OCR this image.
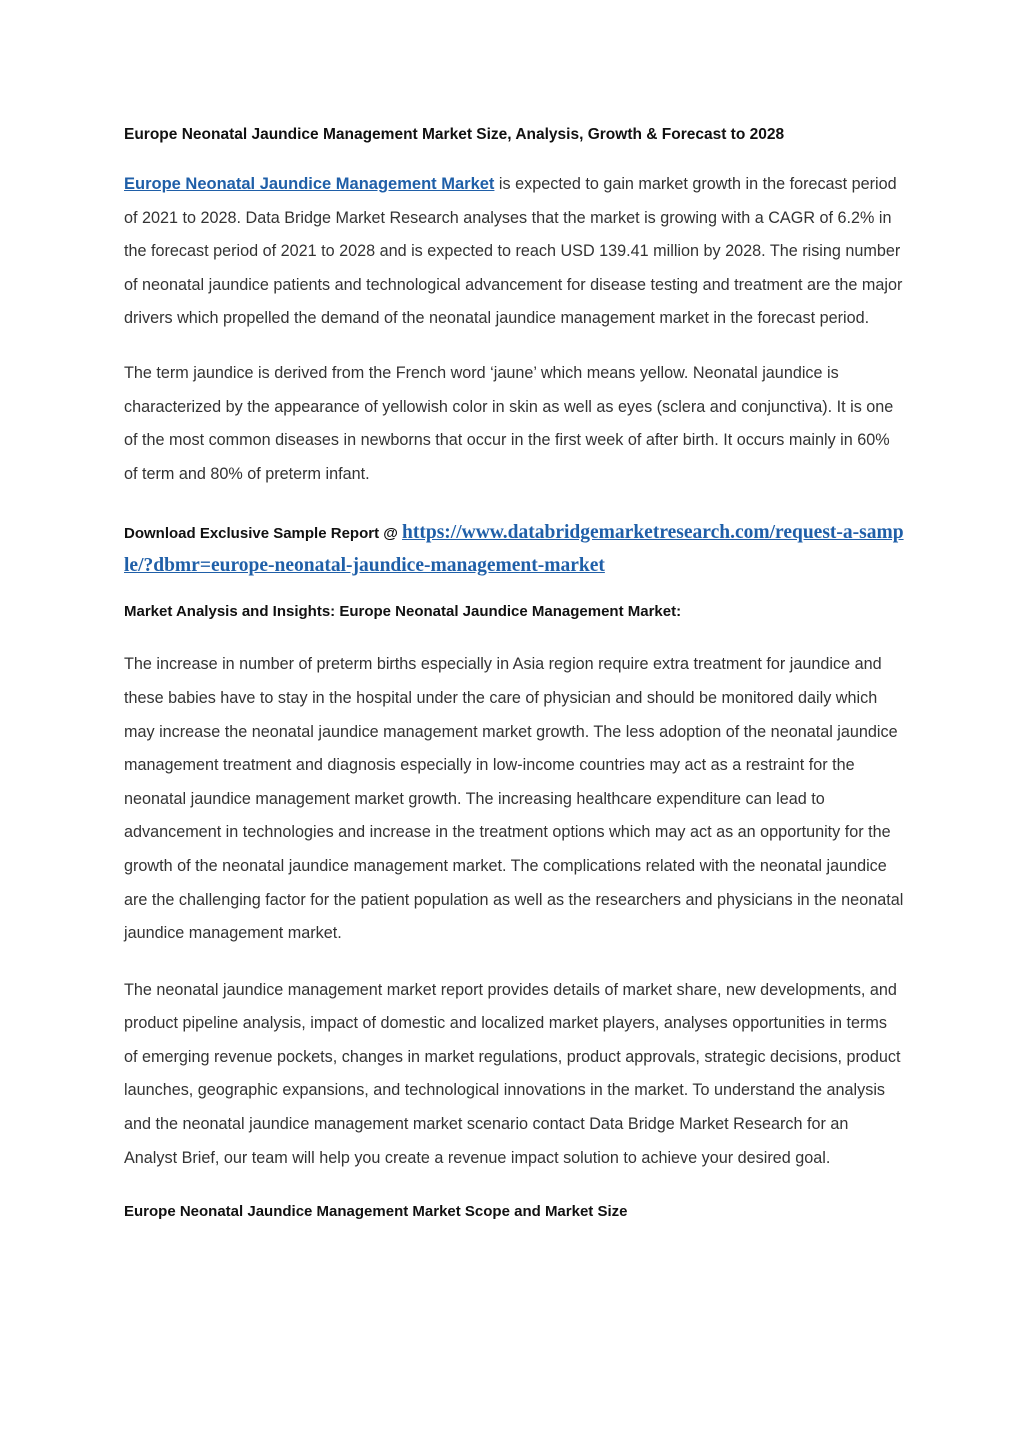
Europe Neonatal Jaundice Management Market Size, Analysis, Growth & Forecast to 2028

Europe Neonatal Jaundice Management Market is expected to gain market growth in the forecast period of 2021 to 2028. Data Bridge Market Research analyses that the market is growing with a CAGR of 6.2% in the forecast period of 2021 to 2028 and is expected to reach USD 139.41 million by 2028. The rising number of neonatal jaundice patients and technological advancement for disease testing and treatment are the major drivers which propelled the demand of the neonatal jaundice management market in the forecast period.

The term jaundice is derived from the French word ‘jaune’ which means yellow. Neonatal jaundice is characterized by the appearance of yellowish color in skin as well as eyes (sclera and conjunctiva). It is one of the most common diseases in newborns that occur in the first week of after birth. It occurs mainly in 60% of term and 80% of preterm infant.

Download Exclusive Sample Report @ https://www.databridgemarketresearch.com/request-a-sample/?dbmr=europe-neonatal-jaundice-management-market

Market Analysis and Insights: Europe Neonatal Jaundice Management Market:

The increase in number of preterm births especially in Asia region require extra treatment for jaundice and these babies have to stay in the hospital under the care of physician and should be monitored daily which may increase the neonatal jaundice management market growth. The less adoption of the neonatal jaundice management treatment and diagnosis especially in low-income countries may act as a restraint for the neonatal jaundice management market growth. The increasing healthcare expenditure can lead to advancement in technologies and increase in the treatment options which may act as an opportunity for the growth of the neonatal jaundice management market. The complications related with the neonatal jaundice are the challenging factor for the patient population as well as the researchers and physicians in the neonatal jaundice management market.

The neonatal jaundice management market report provides details of market share, new developments, and product pipeline analysis, impact of domestic and localized market players, analyses opportunities in terms of emerging revenue pockets, changes in market regulations, product approvals, strategic decisions, product launches, geographic expansions, and technological innovations in the market. To understand the analysis and the neonatal jaundice management market scenario contact Data Bridge Market Research for an Analyst Brief, our team will help you create a revenue impact solution to achieve your desired goal.

Europe Neonatal Jaundice Management Market Scope and Market Size
